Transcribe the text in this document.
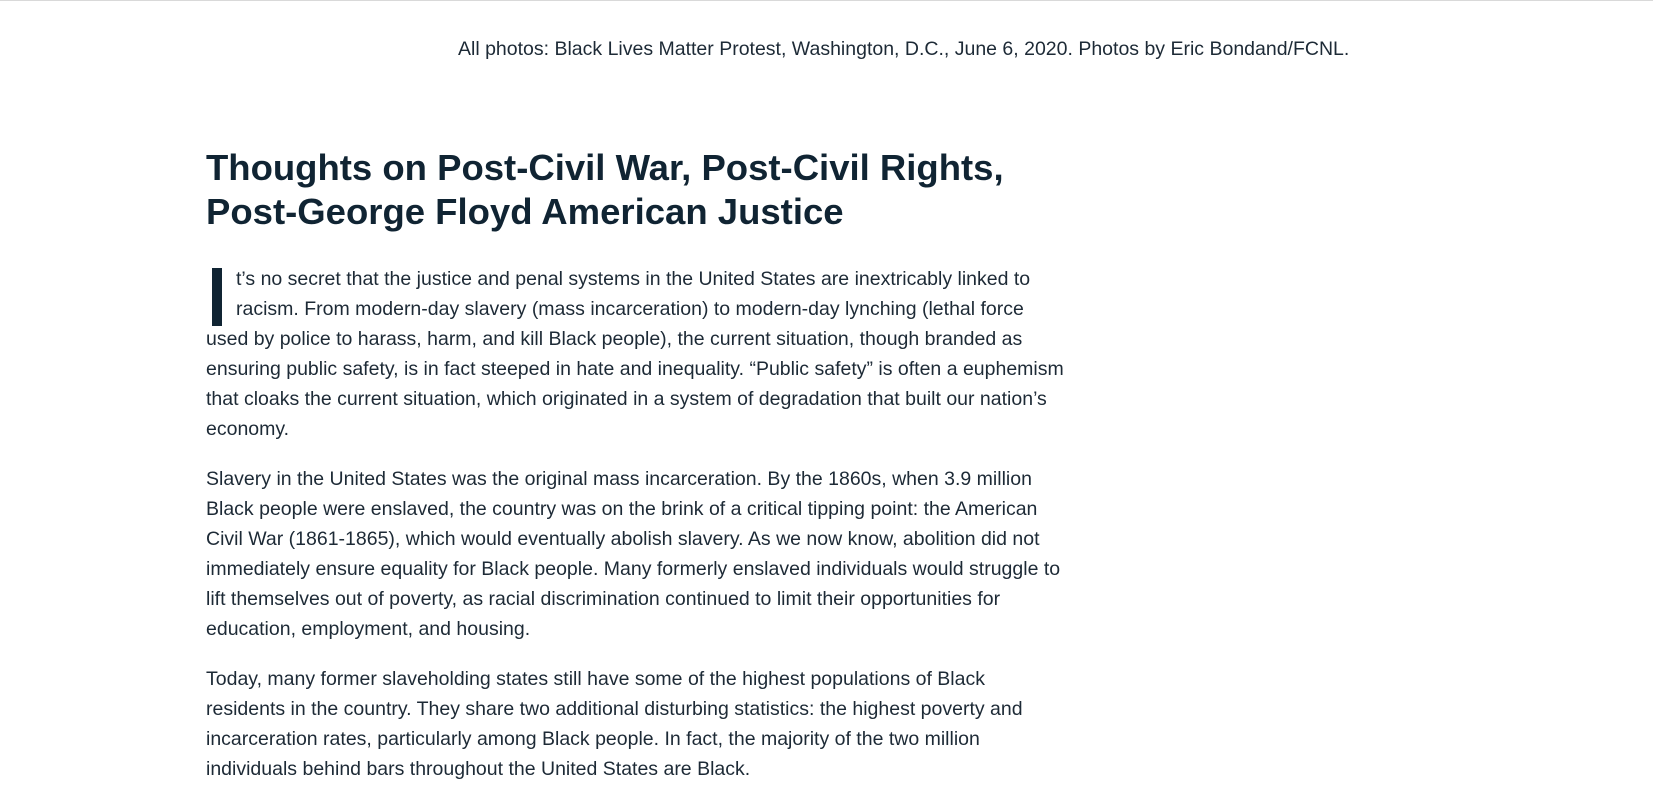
All photos: Black Lives Matter Protest, Washington, D.C., June 6, 2020. Photos by Eric Bondand/FCNL.
Thoughts on Post-Civil War, Post-Civil Rights,
Post-George Floyd American Justice

t’s no secret that the justice and penal systems in the United States are inextricably linked to
racism. From modern-day slavery (mass incarceration) to modern-day lynching (lethal force
used by police to harass, harm, and kill Black people), the current situation, though branded as
ensuring public safety, is in fact steeped in hate and inequality. “Public safety” is often a euphemism
that cloaks the current situation, which originated in a system of degradation that built our nation’s
economy.

Slavery in the United States was the original mass incarceration. By the 1860s, when 3.9 million
Black people were enslaved, the country was on the brink of a critical tipping point: the American
Civil War (1861-1865), which would eventually abolish slavery. As we now know, abolition did not
immediately ensure equality for Black people. Many formerly enslaved individuals would struggle to
lift themselves out of poverty, as racial discrimination continued to limit their opportunities for
education, employment, and housing.

Today, many former slaveholding states still have some of the highest populations of Black
residents in the country. They share two additional disturbing statistics: the highest poverty and
incarceration rates, particularly among Black people. In fact, the majority of the two million
individuals behind bars throughout the United States are Black.
